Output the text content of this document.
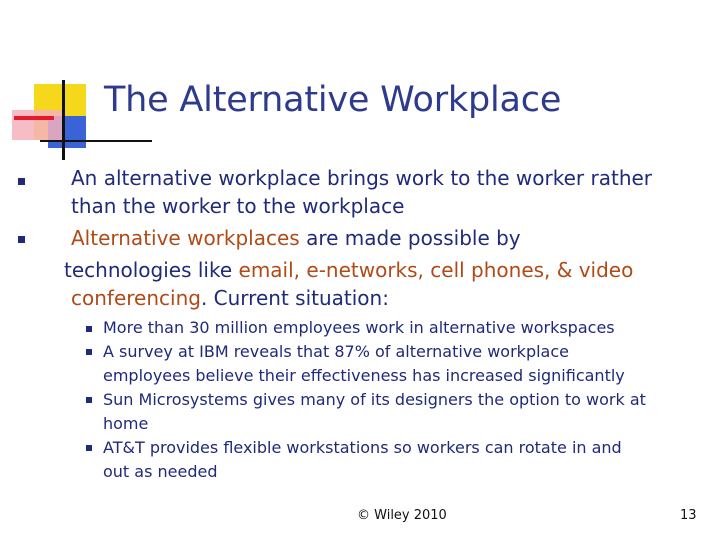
The Alternative Workplace
An alternative workplace brings work to the worker rather
than the worker to the workplace
Alternative workplaces are made possible by
technologies like email, e-networks, cell phones, & video
conferencing. Current situation:
More than 30 million employees work in alternative workspaces
A survey at IBM reveals that 87% of alternative workplace
employees believe their effectiveness has increased significantly
Sun Microsystems gives many of its designers the option to work at
home
AT&T provides flexible workstations so workers can rotate in and
out as needed
© Wiley 2010	13
